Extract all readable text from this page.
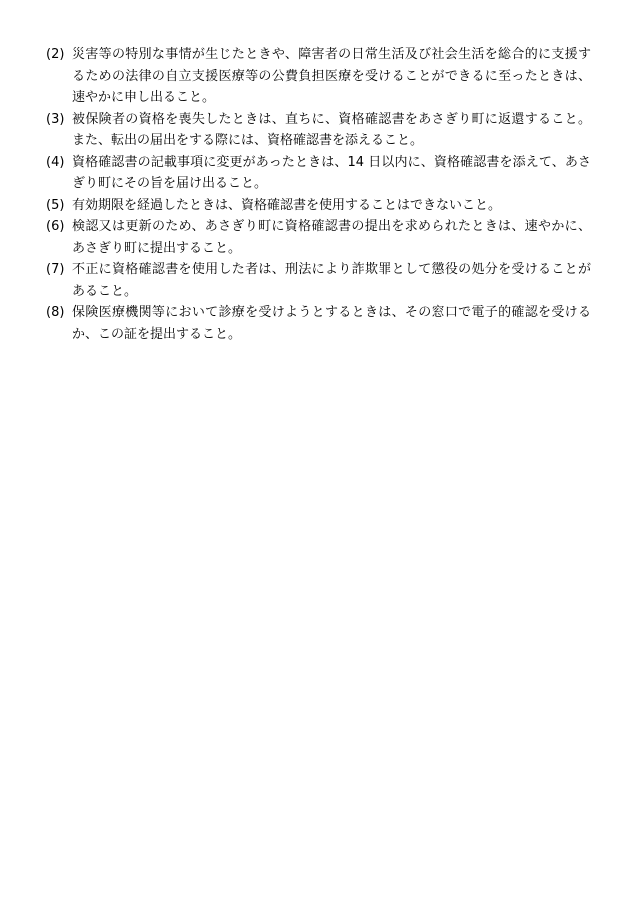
(2) 災害等の特別な事情が生じたときや、障害者の日常生活及び社会生活を総合的に支援するための法律の自立支援医療等の公費負担医療を受けることができるに至ったときは、速やかに申し出ること。
(3) 被保険者の資格を喪失したときは、直ちに、資格確認書をあさぎり町に返還すること。また、転出の届出をする際には、資格確認書を添えること。
(4) 資格確認書の記載事項に変更があったときは、14 日以内に、資格確認書を添えて、あさぎり町にその旨を届け出ること。
(5) 有効期限を経過したときは、資格確認書を使用することはできないこと。
(6) 検認又は更新のため、あさぎり町に資格確認書の提出を求められたときは、速やかに、あさぎり町に提出すること。
(7) 不正に資格確認書を使用した者は、刑法により詐欺罪として懲役の処分を受けることがあること。
(8) 保険医療機関等において診療を受けようとするときは、その窓口で電子的確認を受けるか、この証を提出すること。
